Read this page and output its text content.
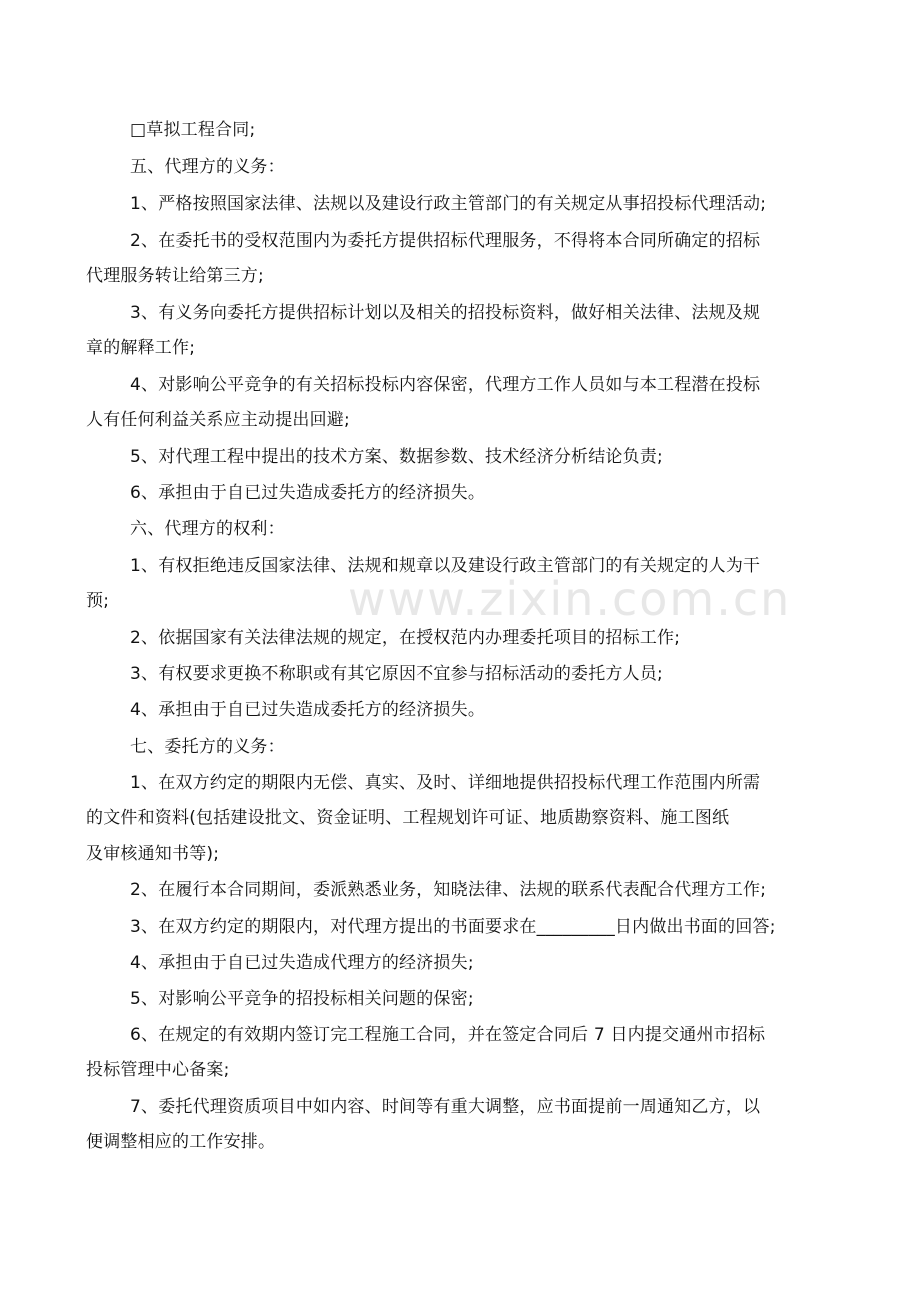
www.zixin.com.cn

□草拟工程合同;

五、代理方的义务：

1、严格按照国家法律、法规以及建设行政主管部门的有关规定从事招投标代理活动;

2、在委托书的受权范围内为委托方提供招标代理服务，不得将本合同所确定的招标

代理服务转让给第三方;

3、有义务向委托方提供招标计划以及相关的招投标资料，做好相关法律、法规及规

章的解释工作;

4、对影响公平竞争的有关招标投标内容保密，代理方工作人员如与本工程潜在投标

人有任何利益关系应主动提出回避;

5、对代理工程中提出的技术方案、数据参数、技术经济分析结论负责;

6、承担由于自已过失造成委托方的经济损失。

六、代理方的权利：

1、有权拒绝违反国家法律、法规和规章以及建设行政主管部门的有关规定的人为干

预;

2、依据国家有关法律法规的规定，在授权范内办理委托项目的招标工作;

3、有权要求更换不称职或有其它原因不宜参与招标活动的委托方人员;

4、承担由于自已过失造成委托方的经济损失。

七、委托方的义务：

1、在双方约定的期限内无偿、真实、及时、详细地提供招投标代理工作范围内所需

的文件和资料(包括建设批文、资金证明、工程规划许可证、地质勘察资料、施工图纸

及审核通知书等);

2、在履行本合同期间，委派熟悉业务，知晓法律、法规的联系代表配合代理方工作;

3、在双方约定的期限内，对代理方提出的书面要求在_________日内做出书面的回答;

4、承担由于自已过失造成代理方的经济损失;

5、对影响公平竞争的招投标相关问题的保密;

6、在规定的有效期内签订完工程施工合同，并在签定合同后 7 日内提交通州市招标

投标管理中心备案;

7、委托代理资质项目中如内容、时间等有重大调整，应书面提前一周通知乙方，以

便调整相应的工作安排。
